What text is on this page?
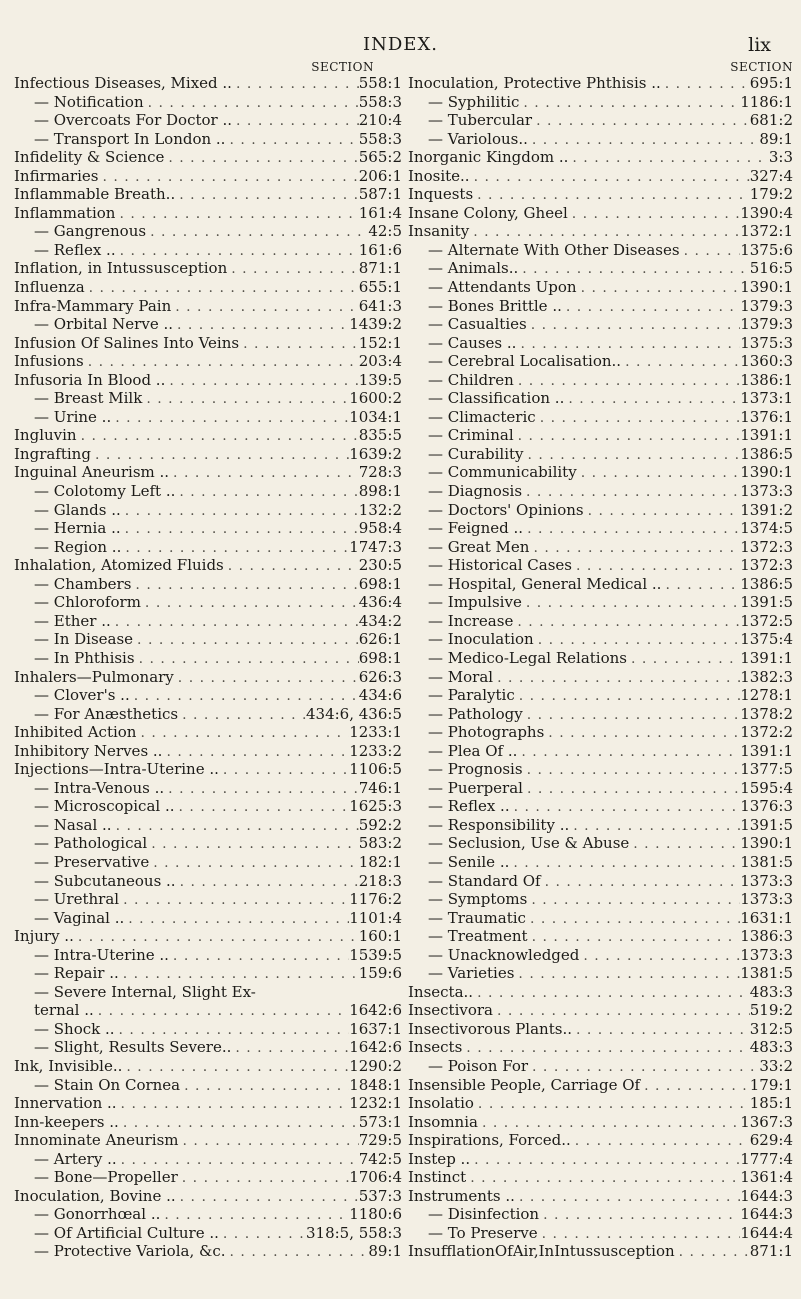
INDEX.	lix
SECTION
Infectious Diseases, Mixed .. . . .	558:1
— Notification . . .	558:3
— Overcoats For Doctor .. . . .	210:4
— Transport In London .. . . .	558:3
Infidelity & Science . . .	565:2
Infirmaries . . .	206:1
Inflammable Breath.. . . .	587:1
Inflammation . . .	161:4
— Gangrenous . . .	42:5
— Reflex .. . . .	161:6
Inflation, in Intussusception . . .	871:1
Influenza . . .	655:1
Infra-Mammary Pain . . .	641:3
— Orbital Nerve .. . . .	1439:2
Infusion Of Salines Into Veins . . .	152:1
Infusions . . .	203:4
Infusoria In Blood .. . . .	139:5
— Breast Milk . . .	1600:2
— Urine .. . . .	1034:1
Ingluvin . . .	835:5
Ingrafting . . .	1639:2
Inguinal Aneurism .. . . .	728:3
— Colotomy Left .. . . .	898:1
— Glands .. . . .	132:2
— Hernia .. . . .	958:4
— Region .. . . .	1747:3
Inhalation, Atomized Fluids . . .	230:5
— Chambers . . .	698:1
— Chloroform . . .	436:4
— Ether .. . . .	434:2
— In Disease . . .	626:1
— In Phthisis . . .	698:1
Inhalers—Pulmonary . . .	626:3
— Clover's .. . . .	434:6
— For Anæsthetics . . .	434:6, 436:5
Inhibited Action . . .	1233:1
Inhibitory Nerves .. . . .	1233:2
Injections—Intra-Uterine .. . . .	1106:5
— Intra-Venous .. . . .	746:1
— Microscopical .. . . .	1625:3
— Nasal .. . . .	592:2
— Pathological . . .	583:2
— Preservative . . .	182:1
— Subcutaneous .. . . .	218:3
— Urethral . . .	1176:2
— Vaginal .. . . .	1101:4
Injury .. . . .	160:1
— Intra-Uterine .. . . .	1539:5
— Repair .. . . .	159:6
— Severe Internal, Slight Ex-
ternal .. . . .	1642:6
— Shock .. . . .	1637:1
— Slight, Results Severe.. . . .	1642:6
Ink, Invisible.. . . .	1290:2
— Stain On Cornea . . .	1848:1
Innervation .. . . .	1232:1
Inn-keepers .. . . .	573:1
Innominate Aneurism . . .	729:5
— Artery .. . . .	742:5
— Bone—Propeller . . .	1706:4
Inoculation, Bovine .. . . .	537:3
— Gonorrhœal .. . . .	1180:6
— Of Artificial Culture .. . . .	318:5, 558:3
— Protective Variola, &c. . . .	89:1
SECTION
Inoculation, Protective Phthisis .. . . .	695:1
— Syphilitic . . .	1186:1
— Tubercular . . .	681:2
— Variolous.. . . .	89:1
Inorganic Kingdom .. . . .	3:3
Inosite.. . . .	327:4
Inquests . . .	179:2
Insane Colony, Gheel . . .	1390:4
Insanity . . .	1372:1
— Alternate With Other Diseases . . .	1375:6
— Animals.. . . .	516:5
— Attendants Upon . . .	1390:1
— Bones Brittle .. . . .	1379:3
— Casualties . . .	1379:3
— Causes .. . . .	1375:3
— Cerebral Localisation.. . . .	1360:3
— Children . . .	1386:1
— Classification .. . . .	1373:1
— Climacteric . . .	1376:1
— Criminal . . .	1391:1
— Curability . . .	1386:5
— Communicability . . .	1390:1
— Diagnosis . . .	1373:3
— Doctors' Opinions . . .	1391:2
— Feigned .. . . .	1374:5
— Great Men . . .	1372:3
— Historical Cases . . .	1372:3
— Hospital, General Medical .. . . .	1386:5
— Impulsive . . .	1391:5
— Increase . . .	1372:5
— Inoculation . . .	1375:4
— Medico-Legal Relations . . .	1391:1
— Moral . . .	1382:3
— Paralytic . . .	1278:1
— Pathology . . .	1378:2
— Photographs . . .	1372:2
— Plea Of .. . . .	1391:1
— Prognosis . . .	1377:5
— Puerperal . . .	1595:4
— Reflex .. . . .	1376:3
— Responsibility .. . . .	1391:5
— Seclusion, Use & Abuse . . .	1390:1
— Senile .. . . .	1381:5
— Standard Of . . .	1373:3
— Symptoms . . .	1373:3
— Traumatic . . .	1631:1
— Treatment . . .	1386:3
— Unacknowledged . . .	1373:3
— Varieties . . .	1381:5
Insecta.. . . .	483:3
Insectivora . . .	519:2
Insectivorous Plants.. . . .	312:5
Insects . . .	483:3
— Poison For . . .	33:2
Insensible People, Carriage Of . . .	179:1
Insolatio . . .	185:1
Insomnia . . .	1367:3
Inspirations, Forced.. . . .	629:4
Instep .. . . .	1777:4
Instinct . . .	1361:4
Instruments .. . . .	1644:3
— Disinfection . . .	1644:3
— To Preserve . . .	1644:4
InsufflationOfAir,InIntussusception . . .	871:1
